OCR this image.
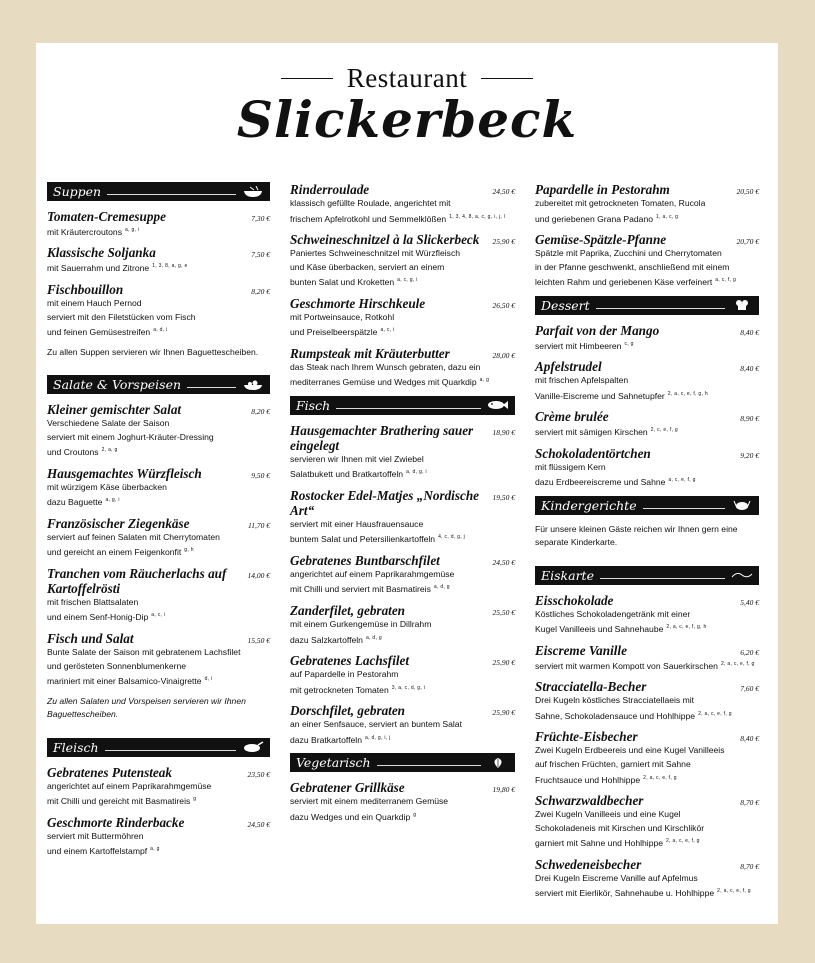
Restaurant
Slickerbeck
Suppen
Tomaten-Cremesuppe	7,30 €
mit Kräutercroutons $^{a, g, i}$
Klassische Soljanka	7,50 €
mit Sauerrahm und Zitrone $^{1, 3, 8, a, g, e}$
Fischbouillon	8,20 €
mit einem Hauch Pernod
serviert mit den Filetstücken vom Fisch
und feinen Gemüsestreifen $^{a, d, i}$
Zu allen Suppen servieren wir Ihnen Baguettescheiben.
Salate & Vorspeisen
Kleiner gemischter Salat	8,20 €
Verschiedene Salate der Saison
serviert mit einem Joghurt-Kräuter-Dressing
und Croutons $^{2, a, g}$
Hausgemachtes Würzfleisch	9,50 €
mit würzigem Käse überbacken
dazu Baguette $^{a, g, i}$
Französischer Ziegenkäse	11,70 €
serviert auf feinen Salaten mit Cherrytomaten
und gereicht an einem Feigenkonfit $^{g, h}$
Tranchen vom Räucherlachs auf Kartoffelrösti
14,00 €
mit frischen Blattsalaten
und einem Senf-Honig-Dip $^{a, c, i}$
Fisch und Salat	15,50 €
Bunte Salate der Saison mit gebratenem Lachsfilet
und gerösteten Sonnenblumenkerne
mariniert mit einer Balsamico-Vinaigrette $^{d, i}$
Zu allen Salaten und Vorspeisen servieren wir Ihnen Baguettescheiben.
Fleisch
Gebratenes Putensteak	23,50 €
angerichtet auf einem Paprikarahmgemüse
mit Chilli und gereicht mit Basmatireis $^g$
Geschmorte Rinderbacke	24,50 €
serviert mit Buttermöhren
und einem Kartoffelstampf $^{a, g}$
Rinderroulade	24,50 €
klassisch gefüllte Roulade, angerichtet mit
frischem Apfelrotkohl und Semmelklößen $^{1, 3, 4, 8, a, c, g, i, j, l}$
Schweineschnitzel à la Slickerbeck	25,90 €
Paniertes Schweineschnitzel mit Würzfleisch
und Käse überbacken, serviert an einem
bunten Salat und Kroketten $^{a, c, g, i}$
Geschmorte Hirschkeule	26,50 €
mit Portweinsauce, Rotkohl
und Preiselbeerspätzle $^{a, c, i}$
Rumpsteak mit Kräuterbutter	28,00 €
das Steak nach Ihrem Wunsch gebraten, dazu ein
mediterranes Gemüse und Wedges mit Quarkdip $^{a, g}$
Fisch
Hausgemachter Brathering sauer eingelegt
18,90 €
servieren wir Ihnen mit viel Zwiebel
Salatbukett und Bratkartoffeln $^{a, d, g, i}$
Rostocker Edel-Matjes „Nordische Art“
19,50 €
serviert mit einer Hausfrauensauce
buntem Salat und Petersilienkartoffeln $^{4, c, d, g, j}$
Gebratenes Buntbarschfilet	24,50 €
angerichtet auf einem Paprikarahmgemüse
mit Chilli und serviert mit Basmatireis $^{a, d, g}$
Zanderfilet, gebraten	25,50 €
mit einem Gurkengemüse in Dillrahm
dazu Salzkartoffeln $^{a, d, g}$
Gebratenes Lachsfilet	25,90 €
auf Papardelle in Pestorahm
mit getrockneten Tomaten $^{3, a, c, d, g, i}$
Dorschfilet, gebraten	25,90 €
an einer Senfsauce, serviert an buntem Salat
dazu Bratkartoffeln $^{a, d, g, i, j}$
Vegetarisch
Gebratener Grillkäse	19,80 €
serviert mit einem mediterranem Gemüse
dazu Wedges und ein Quarkdip $^g$
Papardelle in Pestorahm	20,50 €
zubereitet mit getrockneten Tomaten, Rucola
und geriebenen Grana Padano $^{1, a, c, g}$
Gemüse-Spätzle-Pfanne	20,70 €
Spätzle mit Paprika, Zucchini und Cherrytomaten
in der Pfanne geschwenkt, anschließend mit einem
leichten Rahm und geriebenen Käse verfeinert $^{a, c, f, g}$
Dessert
Parfait von der Mango	8,40 €
serviert mit Himbeeren $^{c, g}$
Apfelstrudel	8,40 €
mit frischen Apfelspalten
Vanille-Eiscreme und Sahnetupfer $^{2, a, c, e, f, g, h}$
Crème brulée	8,90 €
serviert mit sämigen Kirschen $^{2, c, e, f, g}$
Schokoladentörtchen	9,20 €
mit flüssigem Kern
dazu Erdbeereiscreme und Sahne $^{a, c, e, f, g}$
Kindergerichte
Für unsere kleinen Gäste reichen wir Ihnen gern eine separate Kinderkarte.
Eiskarte
Eisschokolade	5,40 €
Köstliches Schokoladengetränk mit einer
Kugel Vanilleeis und Sahnehaube $^{2, a, c, e, f, g, h}$
Eiscreme Vanille	6,20 €
serviert mit warmen Kompott von Sauerkirschen $^{2, a, c, e, f, g}$
Stracciatella-Becher	7,60 €
Drei Kugeln köstliches Stracciatellaeis mit
Sahne, Schokoladensauce und Hohlhippe $^{2, a, c, e, f, g}$
Früchte-Eisbecher	8,40 €
Zwei Kugeln Erdbeereis und eine Kugel Vanilleeis
auf frischen Früchten, garniert mit Sahne
Fruchtsauce und Hohlhippe $^{2, a, c, e, f, g}$
Schwarzwaldbecher	8,70 €
Zwei Kugeln Vanilleeis und eine Kugel
Schokoladeneis mit Kirschen und Kirschlikör
garniert mit Sahne und Hohlhippe $^{2, a, c, e, f, g}$
Schwedeneisbecher	8,70 €
Drei Kugeln Eiscreme Vanille auf Apfelmus
serviert mit Eierlikör, Sahnehaube u. Hohlhippe $^{2, a, c, e, f, g}$
